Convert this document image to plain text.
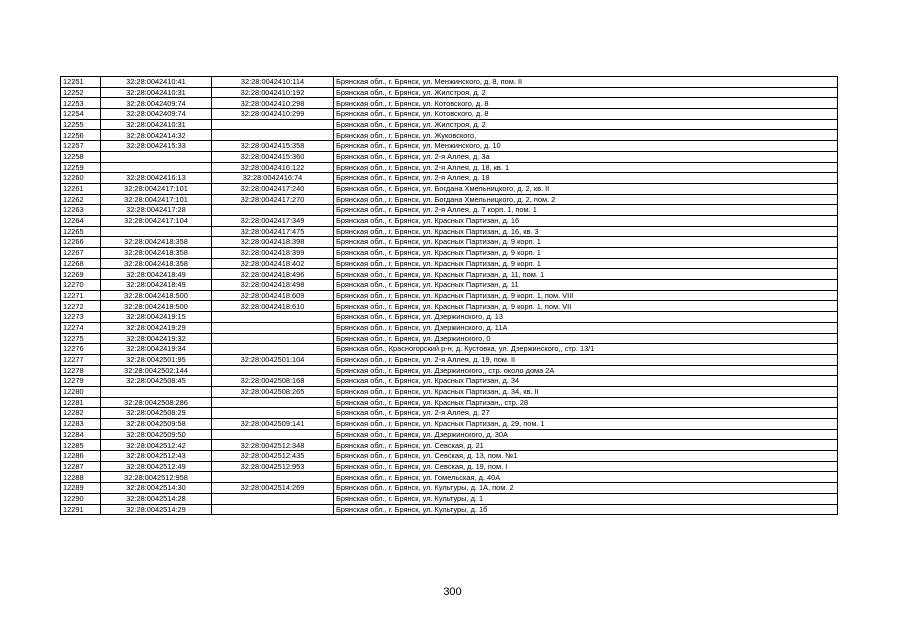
12251	32:28:0042410:41	32:28:0042410:114	Брянская обл., г. Брянск, ул. Менжинского, д. 8, пом. II
12252	32:28:0042410:31	32:28:0042410:192	Брянская обл., г. Брянск, ул. Жилстроя, д. 2
12253	32:28:0042409:74	32:28:0042410:298	Брянская обл., г. Брянск, ул. Котовского, д. 8
12254	32:28:0042409:74	32:28:0042410:299	Брянская обл., г. Брянск, ул. Котовского, д. 8
12255	32:28:0042410:31		Брянская обл., г. Брянск, ул. Жилстроя, д. 2
12256	32:28:0042414:32		Брянская обл., г. Брянск, ул. Жуковского,
12257	32:28:0042415:33	32:28:0042415:358	Брянская обл., г. Брянск, ул. Менжинского, д. 10
12258		32:28:0042415:360	Брянская обл., г. Брянск, ул. 2-я Аллея, д. 3а
12259		32:28:0042416:122	Брянская обл., г. Брянск, ул. 2-я Аллея, д. 18, кв. 1
12260	32:28:0042416:13	32:28:0042416:74	Брянская обл., г. Брянск, ул. 2-я Аллея, д. 18
12261	32:28:0042417:101	32:28:0042417:240	Брянская обл., г. Брянск, ул. Богдана Хмельницкого, д. 2, кв. II
12262	32:28:0042417:101	32:28:0042417:270	Брянская обл., г. Брянск, ул. Богдана Хмельницкого, д. 2, пом. 2
12263	32:28:0042417:28		Брянская обл., г. Брянск, ул. 2-я Аллея, д. 7 корп. 1, пом. 1
12264	32:28:0042417:104	32:28:0042417:349	Брянская обл., г. Брянск, ул. Красных Партизан, д. 16
12265		32:28:0042417:475	Брянская обл., г. Брянск, ул. Красных Партизан, д. 16, кв. 3
12266	32:28:0042418:358	32:28:0042418:398	Брянская обл., г. Брянск, ул. Красных Партизан, д. 9 корп. 1
12267	32:28:0042418:358	32:28:0042418:399	Брянская обл., г. Брянск, ул. Красных Партизан, д. 9 корп. 1
12268	32:28:0042418:358	32:28:0042418:402	Брянская обл., г. Брянск, ул. Красных Партизан, д. 9 корп. 1
12269	32:28:0042418:49	32:28:0042418:496	Брянская обл., г. Брянск, ул. Красных Партизан, д. 11, пом. 1
12270	32:28:0042418:49	32:28:0042418:498	Брянская обл., г. Брянск, ул. Красных Партизан, д. 11
12271	32:28:0042418:500	32:28:0042418:609	Брянская обл., г. Брянск, ул. Красных Партизан, д. 9 корп. 1, пом. VIII
12272	32:28:0042418:500	32:28:0042418:610	Брянская обл., г. Брянск, ул. Красных Партизан, д. 9 корп. 1, пом. VII
12273	32:28:0042419:15		Брянская обл., г. Брянск, ул. Дзержинского, д. 13
12274	32:28:0042419:29		Брянская обл., г. Брянск, ул. Дзержинского, д. 11А
12275	32:28:0042419:32		Брянская обл., г. Брянск, ул. Дзержинского, 0
12276	32:28:0042419:34		Брянская обл., Красногорский р-н, д. Кустовка, ул. Дзержинского,, стр. 13/1
12277	32:28:0042501:95	32:28:0042501:104	Брянская обл., г. Брянск, ул. 2-я Аллея, д. 19, пом. II
12278	32:28:0042502:144		Брянская обл., г. Брянск, ул. Дзержинского,, стр. около дома 2А
12279	32:28:0042508:45	32:28:0042508:168	Брянская обл., г. Брянск, ул. Красных Партизан, д. 34
12280		32:28:0042508:265	Брянская обл., г. Брянск, ул. Красных Партизан, д. 34, кв. II
12281	32:28:0042508:286		Брянская обл., г. Брянск, ул. Красных Партизан,, стр. 28
12282	32:28:0042508:29		Брянская обл., г. Брянск, ул. 2-я Аллея, д. 27
12283	32:28:0042509:58	32:28:0042509:141	Брянская обл., г. Брянск, ул. Красных Партизан, д. 29, пом. 1
12284	32:28:0042509:50		Брянская обл., г. Брянск, ул. Дзержинского, д. 30А
12285	32:28:0042512:42	32:28:0042512:348	Брянская обл., г. Брянск, ул. Севская, д. 21
12286	32:28:0042512:43	32:28:0042512:435	Брянская обл., г. Брянск, ул. Севская, д. 13, пом. №1
12287	32:28:0042512:49	32:28:0042512:953	Брянская обл., г. Брянск, ул. Севская, д. 19, пом. I
12288	32:28:0042512:958		Брянская обл., г. Брянск, ул. Гомельская, д. 40А
12289	32:28:0042514:30	32:28:0042514:269	Брянская обл., г. Брянск, ул. Культуры, д. 1А, пом. 2
12290	32:28:0042514:28		Брянская обл., г. Брянск, ул. Культуры, д. 1
12291	32:28:0042514:29		Брянская обл., г. Брянск, ул. Культуры, д. 1б
300
